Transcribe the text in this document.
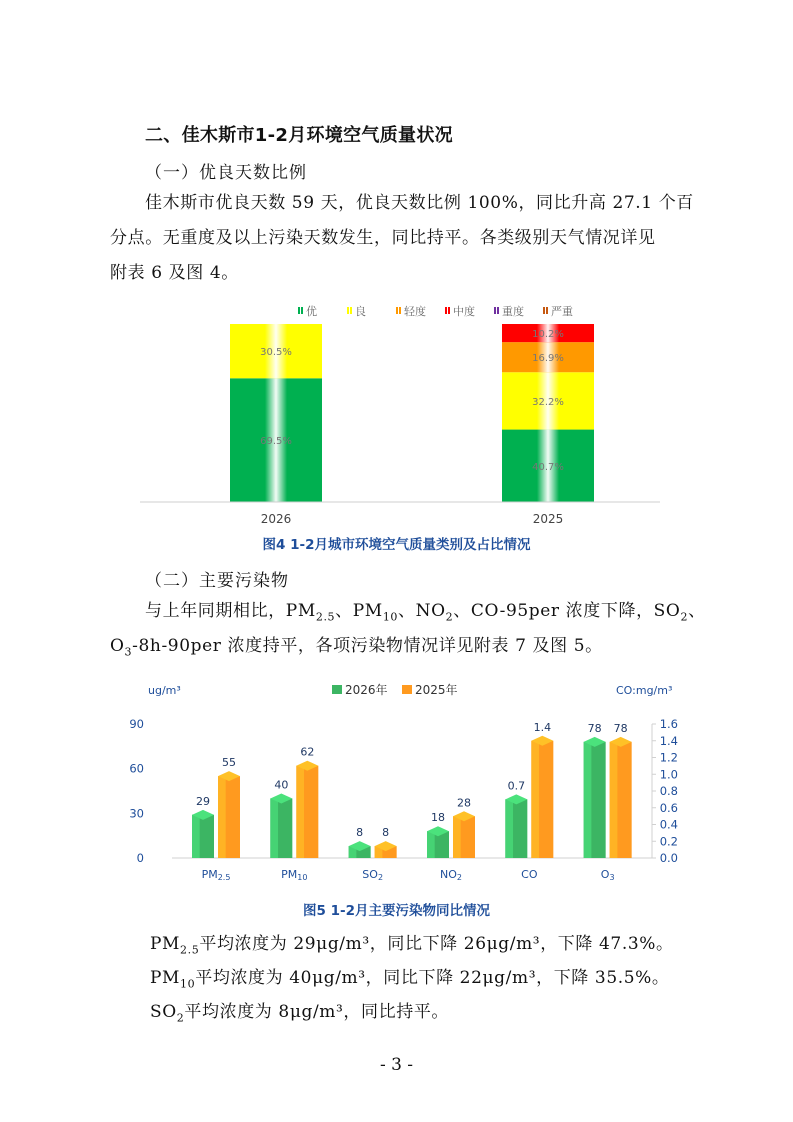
二、佳木斯市1-2月环境空气质量状况
（一）优良天数比例
佳木斯市优良天数 59 天，优良天数比例 100%，同比升高 27.1 个百
分点。无重度及以上污染天数发生，同比持平。各类级别天气情况详见
附表 6 及图 4。
优	良	轻度 中度 重度 严重
69.5%
30.5%
40.7%
32.2%
16.9%
10.2%
2026	2025
图4 1-2月城市环境空气质量类别及占比情况
（二）主要污染物
与上年同期相比，$PM_{2.5}$、$PM_{10}$、$NO_2$、CO-95per 浓度下降，$SO_2$、
$O_3-8h-90per$ 浓度持平，各项污染物情况详见附表 7 及图 5。
ug/m³	CO:mg/m³
2026年 2025年
0
30
60
90
0.0
0.2
0.4
0.6
0.8
1.0
1.2
1.4
1.6
29
55
40
62
8 8
18
28
0.7
1.4	78 78
PM2.5	PM10	SO2	NO2	CO	O3
图5 1-2月主要污染物同比情况
$PM_{2.5}$平均浓度为 29μg/m³，同比下降 26μg/m³，下降 47.3%。
$PM_{10}$平均浓度为 40μg/m³，同比下降 22μg/m³，下降 35.5%。
$SO_2$平均浓度为 8μg/m³，同比持平。
- 3 -
